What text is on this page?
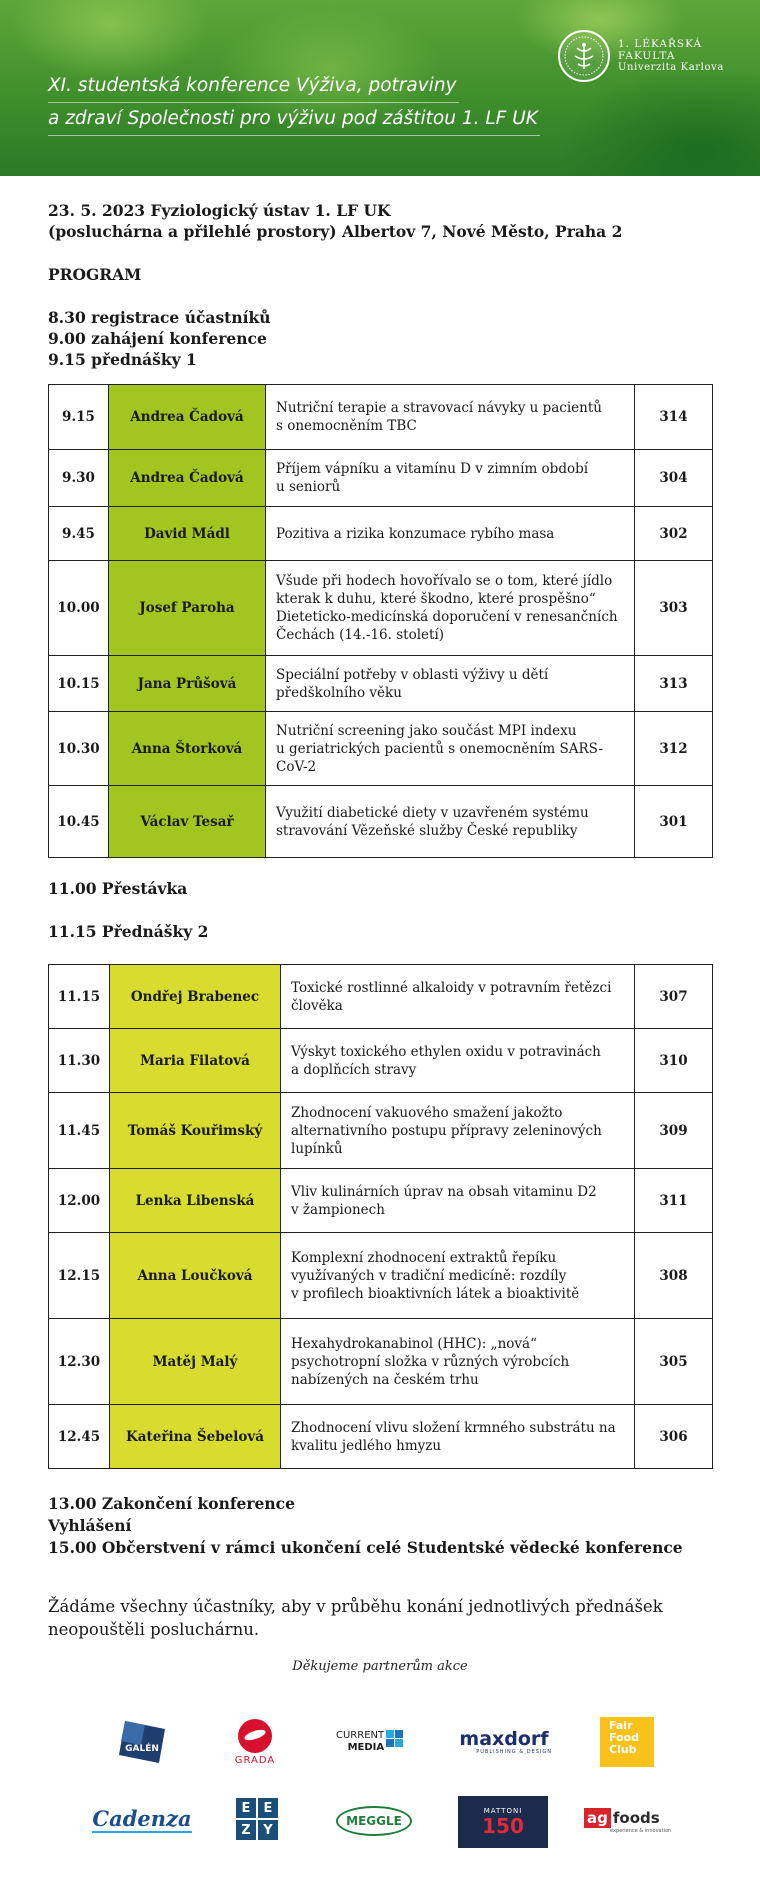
XI. studentská konference Výživa, potraviny
a zdraví Společnosti pro výživu pod záštitou 1. LF UK
1. LÉKAŘSKÁ
FAKULTA
Univerzita Karlova
23. 5. 2023 Fyziologický ústav 1. LF UK
(posluchárna a přilehlé prostory) Albertov 7, Nové Město, Praha 2
PROGRAM
8.30 registrace účastníků
9.00 zahájení konference
9.15 přednášky 1
9.15	Andrea Čadová	Nutriční terapie a stravovací návyky u pacientů
s onemocněním TBC	314
9.30	Andrea Čadová	Příjem vápníku a vitamínu D v zimním období
u seniorů	304
9.45	David Mádl	Pozitiva a rizika konzumace rybího masa	302
10.00	Josef Paroha	Všude při hodech hovořívalo se o tom, které jídlo
kterak k duhu, které škodno, které prospěšno“
Dieteticko-medicínská doporučení v renesančních
Čechách (14.-16. století)	303
10.15	Jana Průšová	Speciální potřeby v oblasti výživy u dětí
předškolního věku	313
10.30	Anna Štorková	Nutriční screening jako součást MPI indexu
u geriatrických pacientů s onemocněním SARS-CoV-2	312
10.45	Václav Tesař	Využití diabetické diety v uzavřeném systému
stravování Vězeňské služby České republiky	301
11.00 Přestávka
11.15 Přednášky 2
11.15	Ondřej Brabenec	Toxické rostlinné alkaloidy v potravním řetězci
člověka	307
11.30	Maria Filatová	Výskyt toxického ethylen oxidu v potravinách
a doplňcích stravy	310
11.45	Tomáš Kouřimský	Zhodnocení vakuového smažení jakožto
alternativního postupu přípravy zeleninových
lupínků	309
12.00	Lenka Libenská	Vliv kulinárních úprav na obsah vitaminu D2
v žampionech	311
12.15	Anna Loučková	Komplexní zhodnocení extraktů řepíku
využívaných v tradiční medicíně: rozdíly
v profilech bioaktivních látek a bioaktivitě	308
12.30	Matěj Malý	Hexahydrokanabinol (HHC): „nová“
psychotropní složka v různých výrobcích
nabízených na českém trhu	305
12.45	Kateřina Šebelová	Zhodnocení vlivu složení krmného substrátu na
kvalitu jedlého hmyzu	306
13.00 Zakončení konference
Vyhlášení
15.00 Občerstvení v rámci ukončení celé Studentské vědecké konference
Žádáme všechny účastníky, aby v průběhu konání jednotlivých přednášek
neopouštěli posluchárnu.
Děkujeme partnerům akce
GALÉN
GRADA
CURRENT
MEDIA	maxdorf
PUBLISHING & DESIGN
Fair
Food
Club
Cadenza	E	E
Z Y
MEGGLE
MATTONI
150	ag foods
experience & innovation
